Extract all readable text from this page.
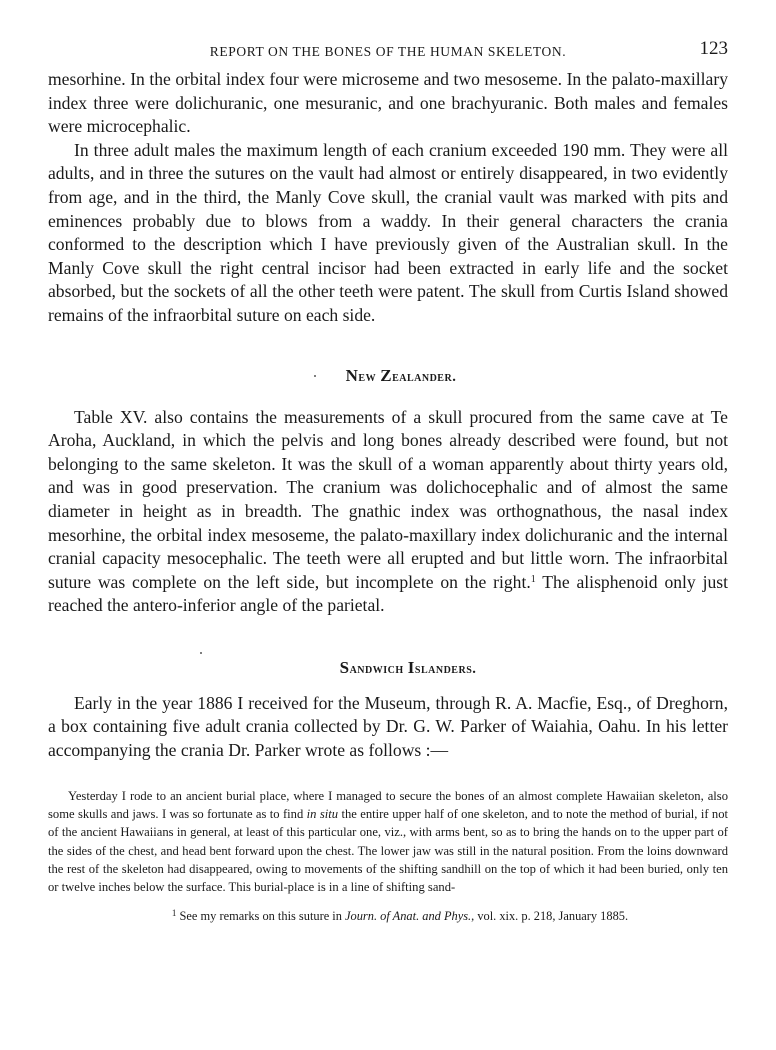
REPORT ON THE BONES OF THE HUMAN SKELETON.	123

mesorhine. In the orbital index four were microseme and two mesoseme. In the palato-maxillary index three were dolichuranic, one mesuranic, and one brachyuranic. Both males and females were microcephalic.

In three adult males the maximum length of each cranium exceeded 190 mm. They were all adults, and in three the sutures on the vault had almost or entirely disappeared, in two evidently from age, and in the third, the Manly Cove skull, the cranial vault was marked with pits and eminences probably due to blows from a waddy. In their general characters the crania conformed to the description which I have previously given of the Australian skull. In the Manly Cove skull the right central incisor had been extracted in early life and the socket absorbed, but the sockets of all the other teeth were patent. The skull from Curtis Island showed remains of the infraorbital suture on each side.

New Zealander.

Table XV. also contains the measurements of a skull procured from the same cave at Te Aroha, Auckland, in which the pelvis and long bones already described were found, but not belonging to the same skeleton. It was the skull of a woman apparently about thirty years old, and was in good preservation. The cranium was dolichocephalic and of almost the same diameter in height as in breadth. The gnathic index was orthognathous, the nasal index mesorhine, the orbital index mesoseme, the palato-maxillary index dolichuranic and the internal cranial capacity mesocephalic. The teeth were all erupted and but little worn. The infraorbital suture was complete on the left side, but incomplete on the right.$^1$ The alisphenoid only just reached the antero-inferior angle of the parietal.

Sandwich Islanders.

Early in the year 1886 I received for the Museum, through R. A. Macfie, Esq., of Dreghorn, a box containing five adult crania collected by Dr. G. W. Parker of Waiahia, Oahu. In his letter accompanying the crania Dr. Parker wrote as follows :—

Yesterday I rode to an ancient burial place, where I managed to secure the bones of an almost complete Hawaiian skeleton, also some skulls and jaws. I was so fortunate as to find in situ the entire upper half of one skeleton, and to note the method of burial, if not of the ancient Hawaiians in general, at least of this particular one, viz., with arms bent, so as to bring the hands on to the upper part of the sides of the chest, and head bent forward upon the chest. The lower jaw was still in the natural position. From the loins downward the rest of the skeleton had disappeared, owing to movements of the shifting sandhill on the top of which it had been buried, only ten or twelve inches below the surface. This burial-place is in a line of shifting sand-

$^1$ See my remarks on this suture in Journ. of Anat. and Phys., vol. xix. p. 218, January 1885.
